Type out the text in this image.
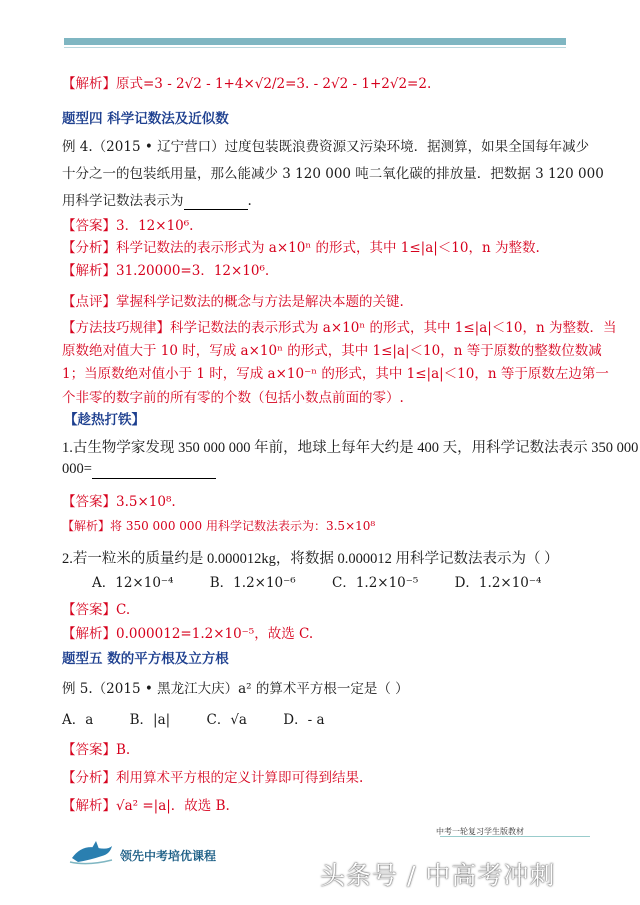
【解析】原式=3 - 2√2 - 1+4×√2/2=3. - 2√2 - 1+2√2=2.
题型四 科学记数法及近似数
例 4.（2015 • 辽宁营口）过度包装既浪费资源又污染环境．据测算，如果全国每年减少
十分之一的包装纸用量，那么能减少 3 120 000 吨二氧化碳的排放量．把数据 3 120 000
用科学记数法表示为	.
【答案】3．12×10⁶.
【分析】科学记数法的表示形式为 a×10ⁿ 的形式，其中 1≤|a|＜10，n 为整数.
【解析】31.20000=3．12×10⁶.
【点评】掌握科学记数法的概念与方法是解决本题的关键.
【方法技巧规律】科学记数法的表示形式为 a×10ⁿ 的形式，其中 1≤|a|＜10，n 为整数．当
原数绝对值大于 10 时，写成 a×10ⁿ 的形式，其中 1≤|a|＜10，n 等于原数的整数位数减
1；当原数绝对值小于 1 时，写成 a×10⁻ⁿ 的形式，其中 1≤|a|＜10，n 等于原数左边第一
个非零的数字前的所有零的个数（包括小数点前面的零）.
【趁热打铁】
1.古生物学家发现 350 000 000 年前，地球上每年大约是 400 天，用科学记数法表示 350 000
000=
【答案】3.5×10⁸.
【解析】将 350 000 000 用科学记数法表示为：3.5×10⁸
2.若一粒米的质量约是 0.000012kg，将数据 0.000012 用科学记数法表示为（ ）
A．12×10⁻⁴	B．1.2×10⁻⁶	C．1.2×10⁻⁵	D．1.2×10⁻⁴
【答案】C.
【解析】0.000012=1.2×10⁻⁵，故选 C.
题型五 数的平方根及立方根
例 5.（2015 • 黑龙江大庆）a² 的算术平方根一定是（ ）
A．a	B．|a|	C．√a	D．- a
【答案】B.
【分析】利用算术平方根的定义计算即可得到结果.
【解析】√a² =|a|．故选 B.
领先中考培优课程
中考一轮复习学生版教材
头条号 / 中高考冲刺
